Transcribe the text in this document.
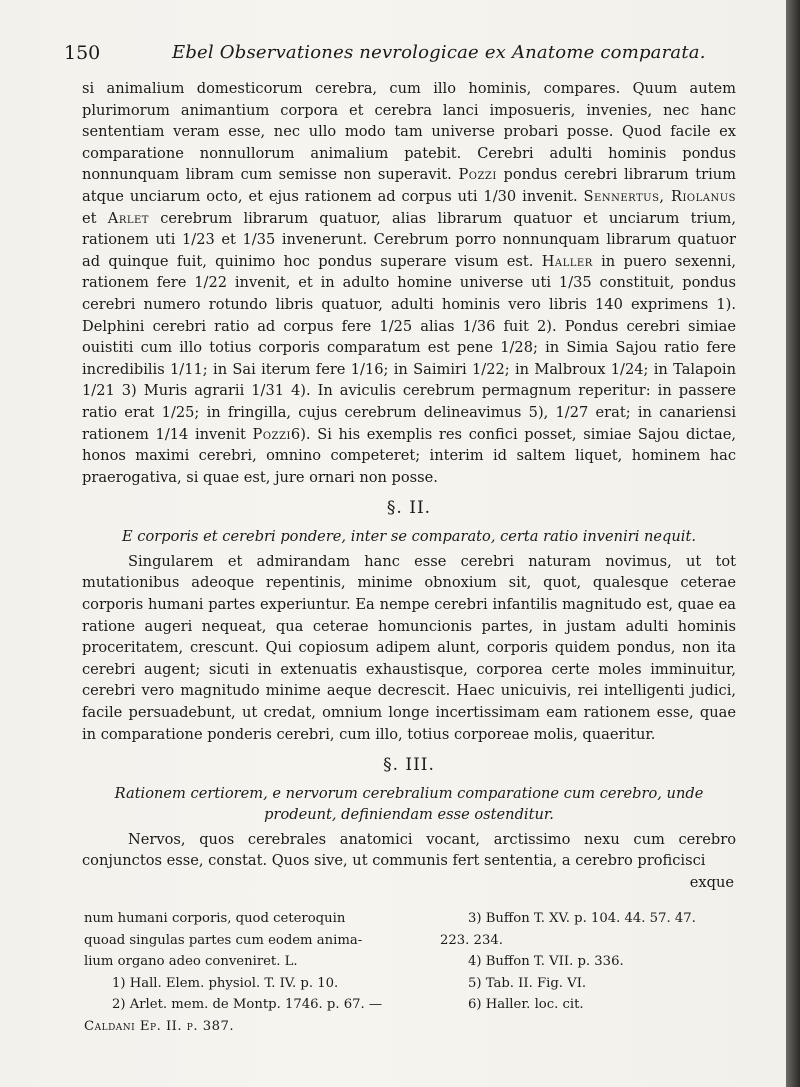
150	Ebel Observationes nevrologicae ex Anatome comparata.

si animalium domesticorum cerebra, cum illo hominis, compares. Quum autem plurimorum animantium corpora et cerebra lanci imposueris, invenies, nec hanc sententiam veram esse, nec ullo modo tam universe probari posse. Quod facile ex comparatione nonnullorum animalium patebit. Cerebri adulti hominis pondus nonnunquam libram cum semisse non superavit. Pozzi pondus cerebri librarum trium atque unciarum octo, et ejus rationem ad corpus uti 1/30 invenit. Sennertus, Riolanus et Arlet cerebrum librarum quatuor, alias librarum quatuor et unciarum trium, rationem uti 1/23 et 1/35 invenerunt. Cerebrum porro nonnunquam librarum quatuor ad quinque fuit, quinimo hoc pondus superare visum est. Haller in puero sexenni, rationem fere 1/22 invenit, et in adulto homine universe uti 1/35 constituit, pondus cerebri numero rotundo libris quatuor, adulti hominis vero libris 140 exprimens 1). Delphini cerebri ratio ad corpus fere 1/25 alias 1/36 fuit 2). Pondus cerebri simiae ouistiti cum illo totius corporis comparatum est pene 1/28; in Simia Sajou ratio fere incredibilis 1/11; in Sai iterum fere 1/16; in Saimiri 1/22; in Malbroux 1/24; in Talapoin 1/21 3) Muris agrarii 1/31 4). In aviculis cerebrum permagnum reperitur: in passere ratio erat 1/25; in fringilla, cujus cerebrum delineavimus 5), 1/27 erat; in canariensi rationem 1/14 invenit Pozzi6). Si his exemplis res confici posset, simiae Sajou dictae, honos maximi cerebri, omnino competeret; interim id saltem liquet, hominem hac praerogativa, si quae est, jure ornari non posse.

§. II.
E corporis et cerebri pondere, inter se comparato, certa ratio inveniri nequit.

Singularem et admirandam hanc esse cerebri naturam novimus, ut tot mutationibus adeoque repentinis, minime obnoxium sit, quot, qualesque ceterae corporis humani partes experiuntur. Ea nempe cerebri infantilis magnitudo est, quae ea ratione augeri nequeat, qua ceterae homuncionis partes, in justam adulti hominis proceritatem, crescunt. Qui copiosum adipem alunt, corporis quidem pondus, non ita cerebri augent; sicuti in extenuatis exhaustisque, corporea certe moles imminuitur, cerebri vero magnitudo minime aeque decrescit. Haec unicuivis, rei intelligenti judici, facile persuadebunt, ut credat, omnium longe incertissimam eam rationem esse, quae in comparatione ponderis cerebri, cum illo, totius corporeae molis, quaeritur.

§. III.
Rationem certiorem, e nervorum cerebralium comparatione cum cerebro, unde
prodeunt, definiendam esse ostenditur.

Nervos, quos cerebrales anatomici vocant, arctissimo nexu cum cerebro conjunctos esse, constat. Quos sive, ut communis fert sententia, a cerebro proficisci

exque
num humani corporis, quod ceteroquin
quoad singulas partes cum eodem anima-
lium organo adeo conveniret. L.
1) Hall. Elem. physiol. T. IV. p. 10.
2) Arlet. mem. de Montp. 1746. p. 67. —
Caldani Ep. II. p. 387.
3) Buffon T. XV. p. 104. 44. 57. 47.
223. 234.
4) Buffon T. VII. p. 336.
5) Tab. II. Fig. VI.
6) Haller. loc. cit.
